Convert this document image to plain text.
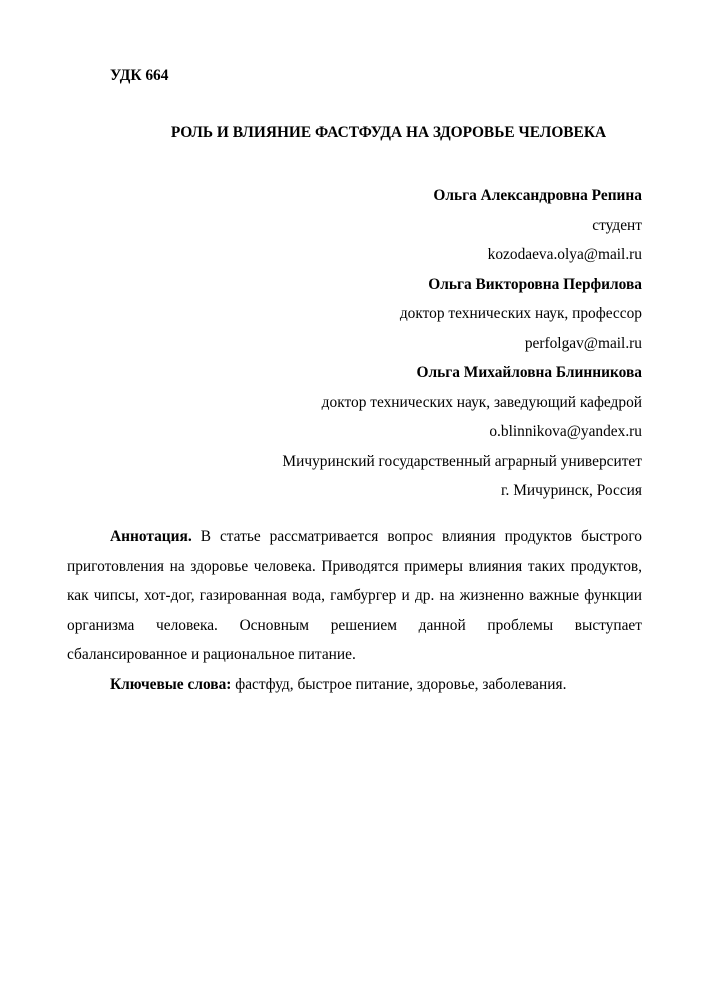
УДК 664
РОЛЬ И ВЛИЯНИЕ ФАСТФУДА НА ЗДОРОВЬЕ ЧЕЛОВЕКА
Ольга Александровна Репина
студент
kozodaeva.olya@mail.ru
Ольга Викторовна Перфилова
доктор технических наук, профессор
perfolgav@mail.ru
Ольга Михайловна Блинникова
доктор технических наук, заведующий кафедрой
o.blinnikova@yandex.ru
Мичуринский государственный аграрный университет
г. Мичуринск, Россия

Аннотация. В статье рассматривается вопрос влияния продуктов быстрого приготовления на здоровье человека. Приводятся примеры влияния таких продуктов, как чипсы, хот-дог, газированная вода, гамбургер и др. на жизненно важные функции организма человека. Основным решением данной проблемы выступает сбалансированное и рациональное питание.

Ключевые слова: фастфуд, быстрое питание, здоровье, заболевания.
